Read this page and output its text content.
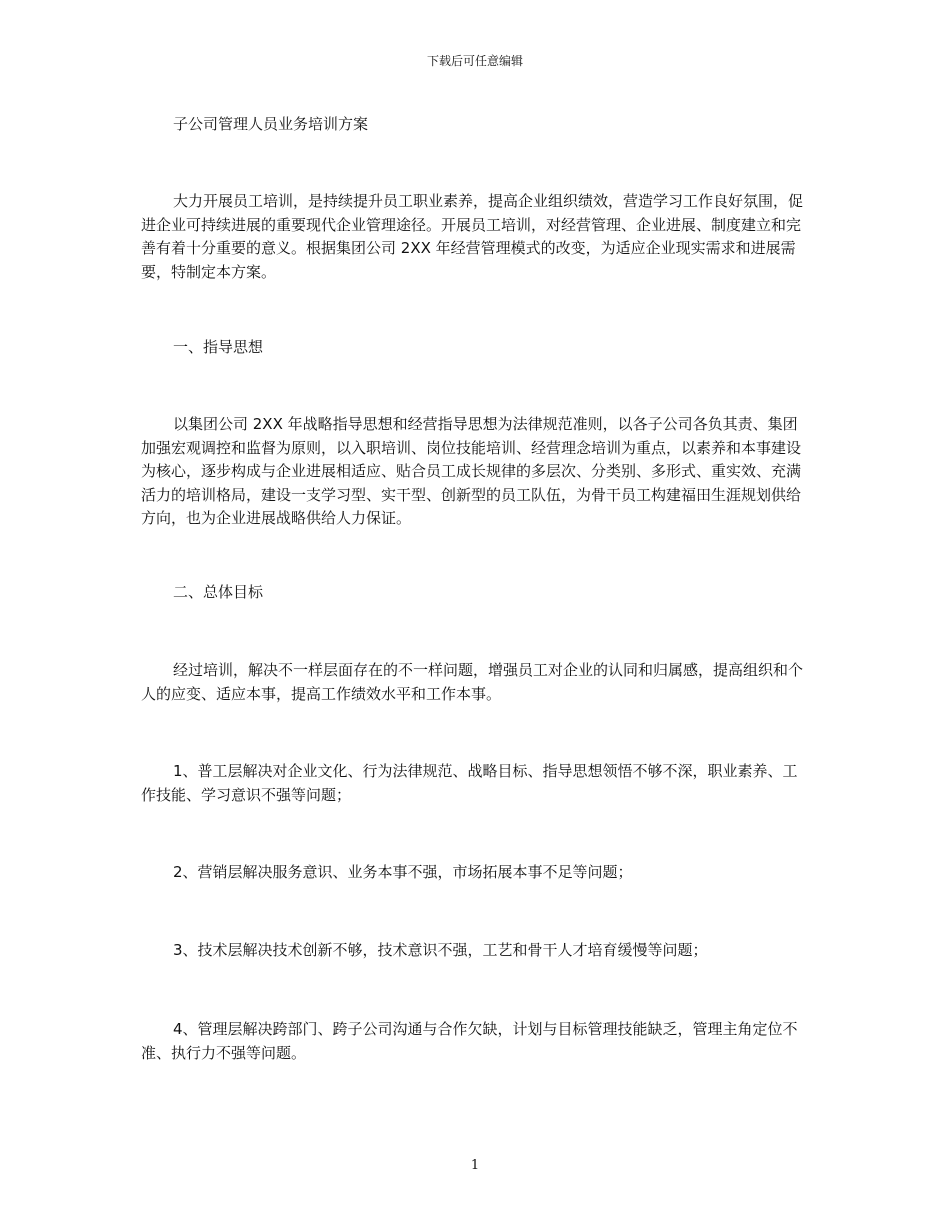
下载后可任意编辑

子公司管理人员业务培训方案

大力开展员工培训，是持续提升员工职业素养，提高企业组织绩效，营造学习工作良好氛围，促进企业可持续进展的重要现代企业管理途径。开展员工培训，对经营管理、企业进展、制度建立和完善有着十分重要的意义。根据集团公司 2XX 年经营管理模式的改变，为适应企业现实需求和进展需要，特制定本方案。

一、指导思想

以集团公司 2XX 年战略指导思想和经营指导思想为法律规范准则，以各子公司各负其责、集团加强宏观调控和监督为原则，以入职培训、岗位技能培训、经营理念培训为重点，以素养和本事建设为核心，逐步构成与企业进展相适应、贴合员工成长规律的多层次、分类别、多形式、重实效、充满活力的培训格局，建设一支学习型、实干型、创新型的员工队伍，为骨干员工构建福田生涯规划供给方向，也为企业进展战略供给人力保证。

二、总体目标

经过培训，解决不一样层面存在的不一样问题，增强员工对企业的认同和归属感，提高组织和个人的应变、适应本事，提高工作绩效水平和工作本事。

1、普工层解决对企业文化、行为法律规范、战略目标、指导思想领悟不够不深，职业素养、工作技能、学习意识不强等问题；

2、营销层解决服务意识、业务本事不强，市场拓展本事不足等问题；

3、技术层解决技术创新不够，技术意识不强，工艺和骨干人才培育缓慢等问题；

4、管理层解决跨部门、跨子公司沟通与合作欠缺，计划与目标管理技能缺乏，管理主角定位不准、执行力不强等问题。

1
